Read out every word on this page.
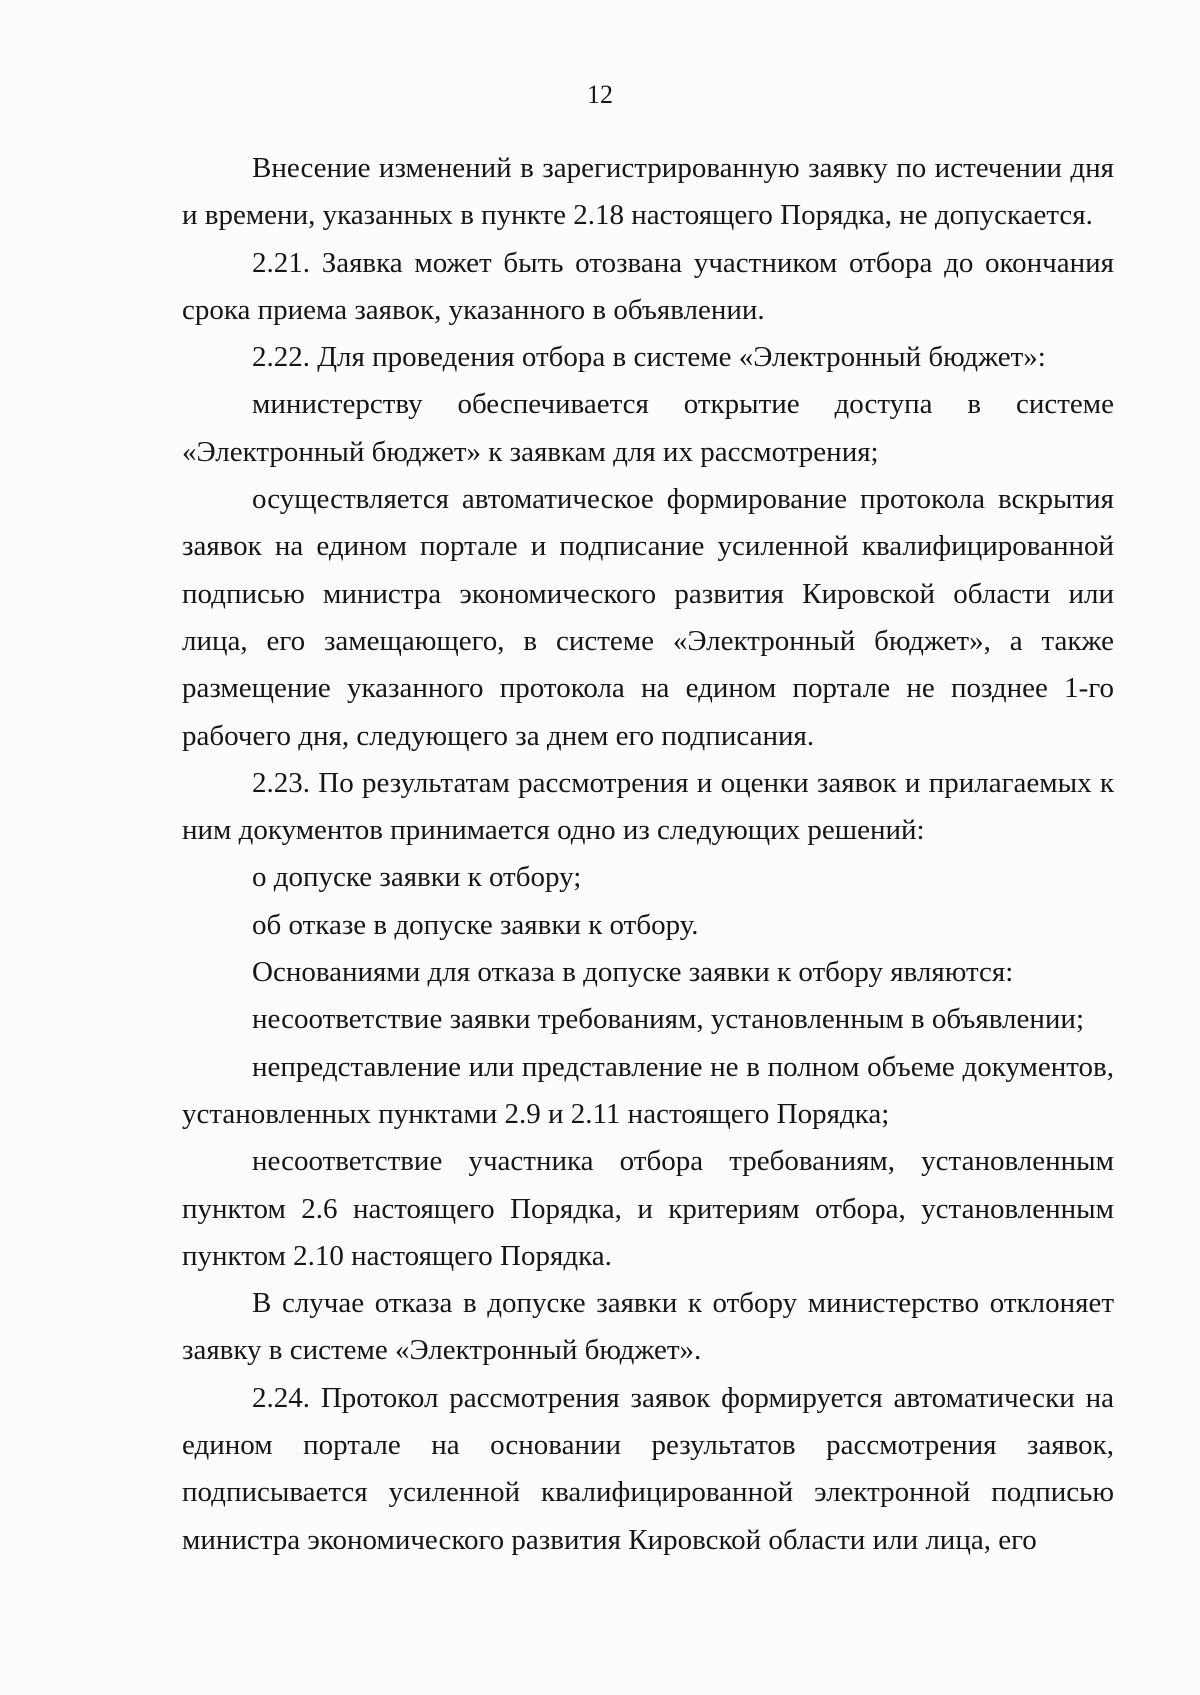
12

Внесение изменений в зарегистрированную заявку по истечении дня и времени, указанных в пункте 2.18 настоящего Порядка, не допускается.

2.21. Заявка может быть отозвана участником отбора до окончания срока приема заявок, указанного в объявлении.

2.22. Для проведения отбора в системе «Электронный бюджет»:

министерству обеспечивается открытие доступа в системе «Электронный бюджет» к заявкам для их рассмотрения;

осуществляется автоматическое формирование протокола вскрытия заявок на едином портале и подписание усиленной квалифицированной подписью министра экономического развития Кировской области или лица, его замещающего, в системе «Электронный бюджет», а также размещение указанного протокола на едином портале не позднее 1-го рабочего дня, следующего за днем его подписания.

2.23. По результатам рассмотрения и оценки заявок и прилагаемых к ним документов принимается одно из следующих решений:

о допуске заявки к отбору;

об отказе в допуске заявки к отбору.

Основаниями для отказа в допуске заявки к отбору являются:

несоответствие заявки требованиям, установленным в объявлении;

непредставление или представление не в полном объеме документов, установленных пунктами 2.9 и 2.11 настоящего Порядка;

несоответствие участника отбора требованиям, установленным пунктом 2.6 настоящего Порядка, и критериям отбора, установленным пунктом 2.10 настоящего Порядка.

В случае отказа в допуске заявки к отбору министерство отклоняет заявку в системе «Электронный бюджет».

2.24. Протокол рассмотрения заявок формируется автоматически на едином портале на основании результатов рассмотрения заявок, подписывается усиленной квалифицированной электронной подписью министра экономического развития Кировской области или лица, его
